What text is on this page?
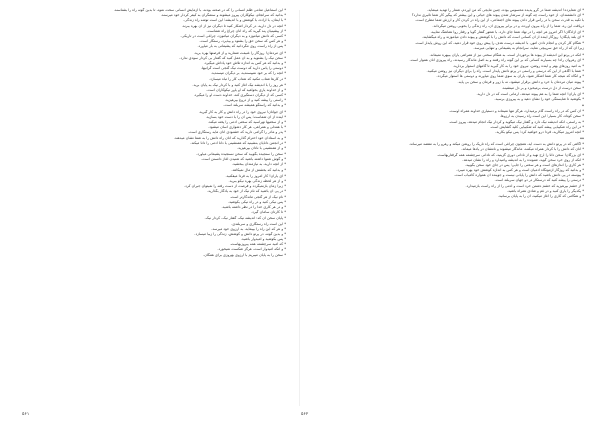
* این اسماعیل تمامی ظلم انسانی را که در صحنه بودند، با آزمایش انسانی سخت نمود، تا بدین گونه راه را بشناسند.
* بدانید که سرانجام، نیکوکاران پیروز میشوند و ستمگران به کیفر کردار خود میرسند.
* با ایمان، با اراده، با کوشش و با اندیشه؛ این است توشه راه زندگی.
* آنچه در دل دارید، در کردار آشکار کنید تا دیگران نیز از آن بهره ببرند.
* از پیشینیان پند گیرید که راه آنان چراغ راه شماست.
* کسی که دانش میآموزد و به دیگران میآموزد، چراغی است در تاریکی.
* و هر کس که سخن حق را بشنود و بپذیرد، رستگار است.
* پس از راه راست روی مگردانید که پشیمانی به بار میآورد.
* ای مردمان! روزگار را غنیمت شمارید و از فرصتها بهره برید.
* سخن نیک را بشنوید و به آن عمل کنید که گفتار بی کردار سودی ندارد.
* و بدانید که هر کس به اندازه تلاش خود پاداش میگیرد.
* دوستی را پاس دارید که دوست نیک گنجی است گرانبها.
* آنچه را که بر خود نمیپسندید، بر دیگران مپسندید.
* در کارها شتاب مکنید که شتاب کار را تباه میسازد.
* هر روز را با اندیشه نیک آغاز کنید و با کردار نیک به پایان برید.
* و از خداوند یاری بخواهید که او یاور نیکوکاران است.
* کسی که از دیگران دستگیری کند، خداوند دست او را میگیرد.
* راستی را پیشه کنید و از دروغ بپرهیزید.
* و بدانید که راستگو همیشه سربلند است.
* ای جوانان! نیروی خود را در راه دانش و کار به کار گیرید.
* آینده از آن شماست؛ پس آن را با دست خود بسازید.
* و از سختیها نهراسید که سختی آدمی را پخته میکند.
* با همدلی و همراهی، هر کار دشواری آسان میشود.
* پدر و مادر را گرامی دارید که خشنودی آنان مایه رستگاری است.
* و به استادان خود احترام گذارید که آنان راه دانش را به شما نشان میدهند.
* در انجمن دانایان بنشینید که همنشینی با دانا آدمی را دانا میکند.
* و از همنشینی با نادان بپرهیزید.
* سخن را سنجیده بگویید که سخن نسنجیده پشیمانی میآورد.
* و گوش شنوا داشته باشید که شنیدن آغاز دانستن است.
* از آنچه دارید، به نیازمندان ببخشید.
* و بدانید که بخشش از مال نمیکاهد.
* ای یاران! کار امروز را به فردا میفکنید.
* و از هر لحظه زندگی بهره نیکو ببرید.
* زیرا زمان بازنمیگردد و فرصت از دست رفته را نمیتوان جبران کرد.
* در پی آن باشید که نام نیک از خود به یادگار بگذارید.
* نام نیک از هر گنجی ماندگارتر است.
* پس نیکی کنید و در راه نیکی بکوشید.
* و در هر کاری خدا را در نظر داشته باشید.
* تا کارتان سامان گیرد.
* پایان سخن آن که: اندیشه نیک، گفتار نیک، کردار نیک.
* این است راه رستگاری و سربلندی.
* و هر که این راه را بپیماید، به آرزوی خود میرسد.
* و بدین گونه، در پرتو دانش و کوشش، زندگی را زیبا میسازد.
* پس بکوشید و امیدوار باشید.
* که امید سرچشمه همه پیروزیهاست.
* و آنکه امیدوار است، هرگز شکست نمیخورد.
* سخن را به پایان میبریم با آرزوی بهروزی برای همگان.
* ای شتابزده! اندیشه شما در گرو پدیده محسوس بوده، چنین نتایجی که من آوردم، شمار را تهدید مینماید.
* ای دانشمندان، از خود راست چه گونه از سرشار شدن پیوند های حیاتی و این بیشتر که پیگیر کار شما تاثیری ندارد؟
با تکیه به قدرت سخن با در رأس قرار دادن پیوند های اجتماعی، از این راه در کردن کار و ارزش شما مطرح است.
دریافت این ره، شما را از راه بیرون آورده، و در برابر پیروزی آن، راه زندگی را بخوبی روشن میگرداند.
* ای آزادگان! اگر امروز هر آنچه را در نهاد شما جای دارد، با شعور گفتار گویا و رفتار روا هماهنگ نمایید،
* ای بلند پایگان! روزگار آینده از آن کسانی است که دانش را با کوشش و پیوند دادن میآموزند و راه میگشایند.
* هنگام کار کردن و انجام دادن امور، با اندیشه درست هدف را پیش روی خود قرار دهید، که این روش پایدار است.
زیرا آن که از راه حق سرپیچی نماید، سرانجام به پشیمانی و تنهایی میرسد.
* آنکه در پرتو این اندیشه از پیوند ها برخوردار است، به هنگام سختی نیز از همراهی یاران بیبهره نمیماند.
* ای رهروان راه! چه بسیارند کسانی که بر این گونه راه رفتند و به اصل ماندگار رسیدند، راه پیروزی آنان هموار است.
* به امید روزهای بهتر و آینده روشن، نیروی خود را به کار گیرید تا گامهای استوار بردارید.
* شما با آگاهی از این که درستی و راستی در پرتو دانش پایدار است، راه را برای دیگران نیز روشن میکنید.
* و آنگاه که نتیجه کار شما آشکار شود، یاران به سوی شما روی میآورند و دوستی ها استوار میگردد.
* پیوند میان مردمان با خرد و دانش برقرار میشود، نه با زور و فرمان و سخن بی پایه.
* سخن درست از دل درست برمیخیزد و بر دل مینشیند.
* ای یاران! آنچه شما را به هم پیوند میدهد، آرمانی است که در دل دارید.
* بکوشید تا شایستگی خود را نشان دهید و به پیروزی برسید.
*
* آن کس که در راه راست گام برمیدارد، هرگز تنها نمیماند و دستیاری خداوند همراه اوست.
* سخن کوتاه، کار بسیار؛ این است راه رسیدن به آرزوها.
* به راستی، آنکه اندیشه نیک دارد و گفتار نیک میگوید و کردار نیک انجام میدهد، پیروز است.
* در این راه شکیبایی پیشه کنید که شکیبایی کلید گشایش است.
* آنچه امروز میکارید، فردا درو خواهید کرد؛ پس نیکو بکارید.
**
* آگاهی که در پرتو دانش به دست آید، همچون چراغی است که راه تاریک را روشن میکند و رهرو را به مقصد میرساند.
* آنان که دانش را با کردار همراه میکنند، ماندگار میشوند و نامشان در یادها میماند.
* ای بزرگان! سخن دانا را ارج نهید و از نادانی دوری گزینید، که نادانی سرچشمه همه گرفتاریهاست.
* آنکه از روی خرد سخن گوید، شنونده را به اندیشه وامیدارد و راه را نشان میدهد.
* هر کاری را اندازهای است و هر سخنی را جایی؛ پس در جای خود سخن بگویید.
* و بدانید که روزگار آزمونگاه آدمیان است و هر کس به اندازه کوشش خود بهره میبرد.
* پیوسته در پی دانش باشید که دانش را پایانی نیست و جوینده آن همواره کامیاب است.
* درستی را پیشه کنید که درستکار در دو جهان سربلند است.
* از خشم بپرهیزید که خشم دشمن خرد است و آدمی را از راه راست بازمیدارد.
* یکدیگر را یاری کنید و در غم و شادی همراه باشید.
* و هنگامی که کاری را آغاز میکنید، آن را به پایان برسانید.
۵۶۱	۵۶۲
